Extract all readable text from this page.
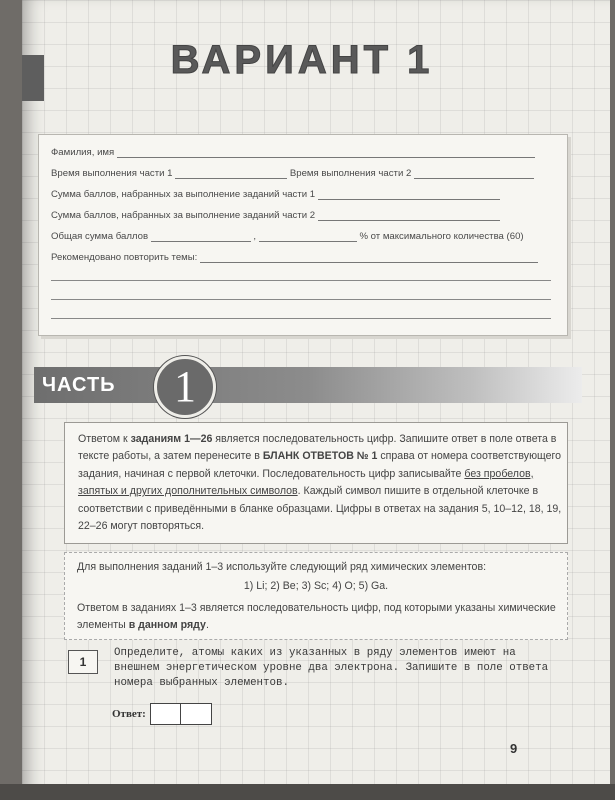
ВАРИАНТ 1
Фамилия, имя
Время выполнения части 1	Время выполнения части 2
Сумма баллов, набранных за выполнение заданий части 1
Сумма баллов, набранных за выполнение заданий части 2
Общая сумма баллов	,	% от максимального количества (60)
Рекомендовано повторить темы:
ЧАСТЬ	1
Ответом к заданиям 1—26 является последовательность цифр. Запишите ответ в поле ответа в тексте работы, а затем перенесите в БЛАНК ОТВЕТОВ № 1 справа от номера соответствующего задания, начиная с первой клеточки. Последовательность цифр записывайте без пробелов, запятых и других дополнительных символов. Каждый символ пишите в отдельной клеточке в соответствии с приведёнными в бланке образцами. Цифры в ответах на задания 5, 10–12, 18, 19, 22–26 могут повторяться.
Для выполнения заданий 1–3 используйте следующий ряд химических элементов:
1) Li; 2) Be; 3) Sc; 4) O; 5) Ga.
Ответом в заданиях 1–3 является последовательность цифр, под которыми указаны химические элементы в данном ряду.
1
Определите, атомы каких из указанных в ряду элементов имеют на внешнем энергетическом уровне два электрона. Запишите в поле ответа номера выбранных элементов.
Ответ:
9
